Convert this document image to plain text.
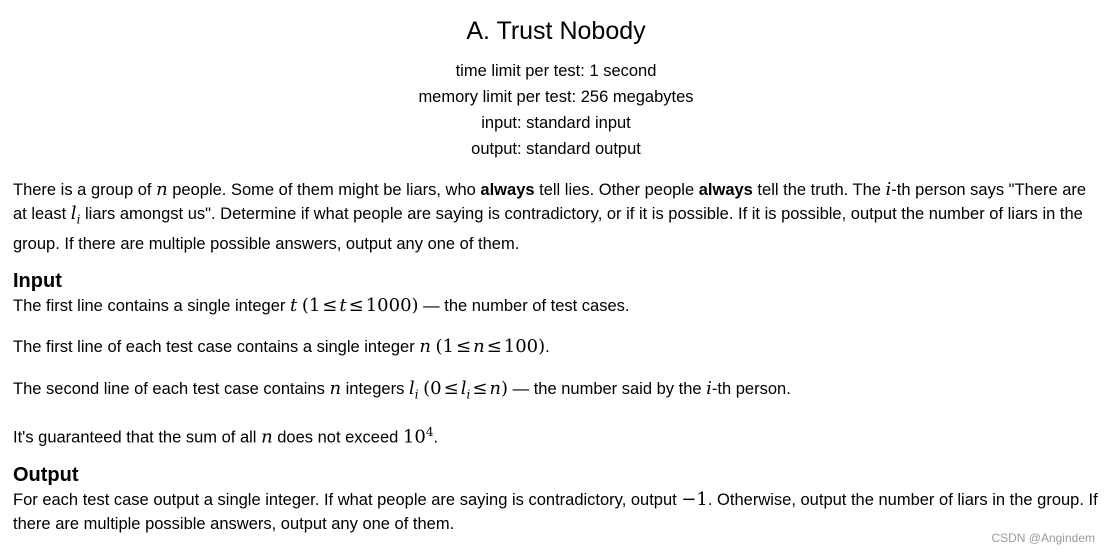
A. Trust Nobody
time limit per test: 1 second
memory limit per test: 256 megabytes
input: standard input
output: standard output

There is a group of n people. Some of them might be liars, who always tell lies. Other people always tell the truth. The i-th person says "There are at least $l_i$ liars amongst us". Determine if what people are saying is contradictory, or if it is possible. If it is possible, output the number of liars in the group. If there are multiple possible answers, output any one of them.

Input

The first line contains a single integer t (1 ≤ t ≤ 1000) — the number of test cases.

The first line of each test case contains a single integer n (1 ≤ n ≤ 100).

The second line of each test case contains n integers $l_i$ $(0 \le l_i \le n)$ — the number said by the i-th person.

It's guaranteed that the sum of all n does not exceed $10^4$.

Output

For each test case output a single integer. If what people are saying is contradictory, output −1. Otherwise, output the number of liars in the group. If there are multiple possible answers, output any one of them.

CSDN @Angindem
